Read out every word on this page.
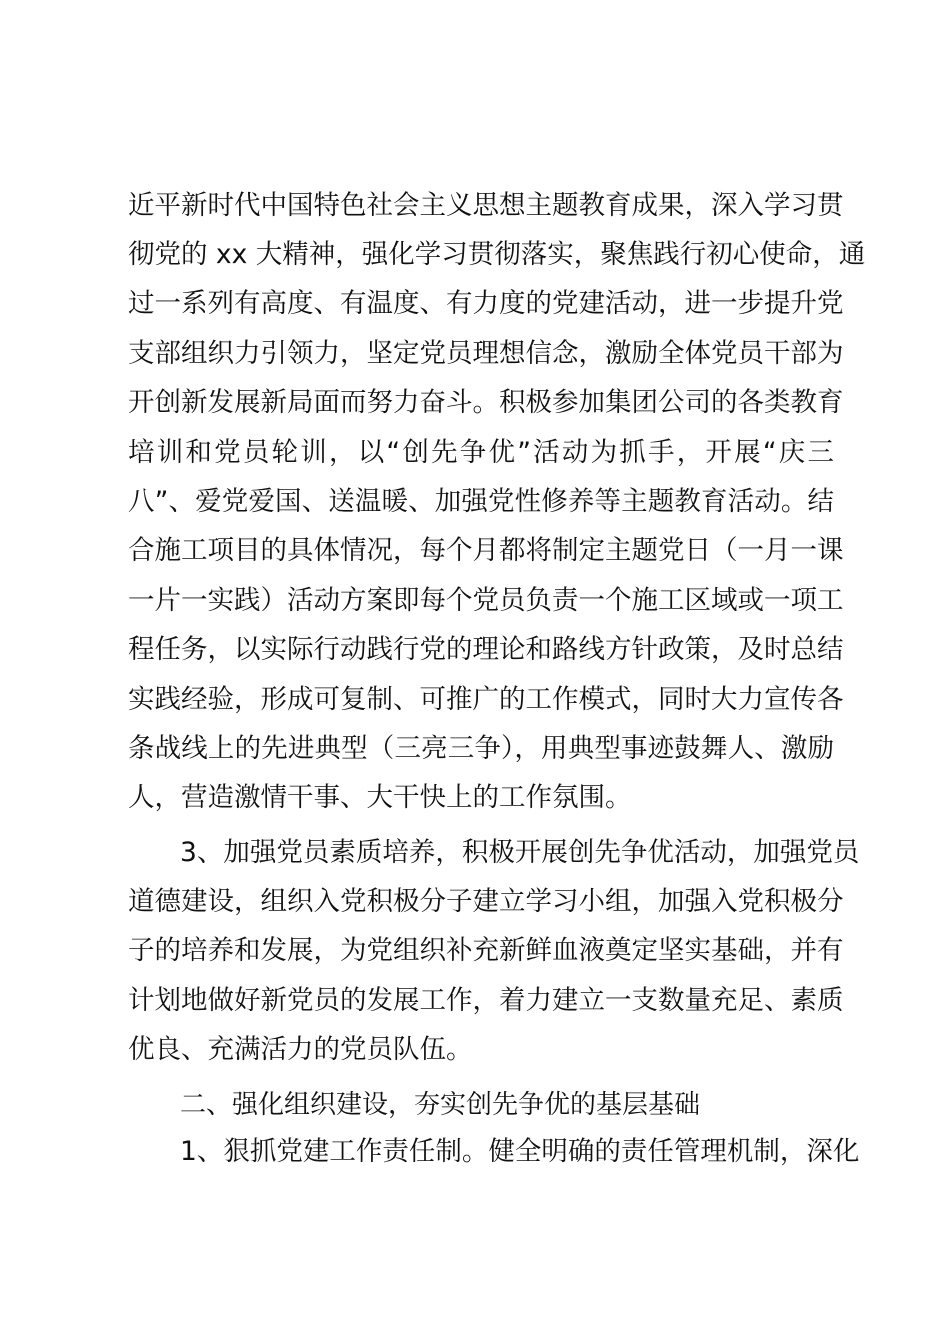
近平新时代中国特色社会主义思想主题教育成果，深入学习贯
彻党的 xx 大精神，强化学习贯彻落实，聚焦践行初心使命，通
过一系列有高度、有温度、有力度的党建活动，进一步提升党
支部组织力引领力，坚定党员理想信念，激励全体党员干部为
开创新发展新局面而努力奋斗。积极参加集团公司的各类教育
培训和党员轮训，以“创先争优”活动为抓手，开展“庆三
八”、爱党爱国、送温暖、加强党性修养等主题教育活动。结
合施工项目的具体情况，每个月都将制定主题党日（一月一课
一片一实践）活动方案即每个党员负责一个施工区域或一项工
程任务，以实际行动践行党的理论和路线方针政策，及时总结
实践经验，形成可复制、可推广的工作模式，同时大力宣传各
条战线上的先进典型（三亮三争），用典型事迹鼓舞人、激励
人，营造激情干事、大干快上的工作氛围。
3、加强党员素质培养，积极开展创先争优活动，加强党员
道德建设，组织入党积极分子建立学习小组，加强入党积极分
子的培养和发展，为党组织补充新鲜血液奠定坚实基础，并有
计划地做好新党员的发展工作，着力建立一支数量充足、素质
优良、充满活力的党员队伍。
二、强化组织建设，夯实创先争优的基层基础
1、狠抓党建工作责任制。健全明确的责任管理机制，深化
